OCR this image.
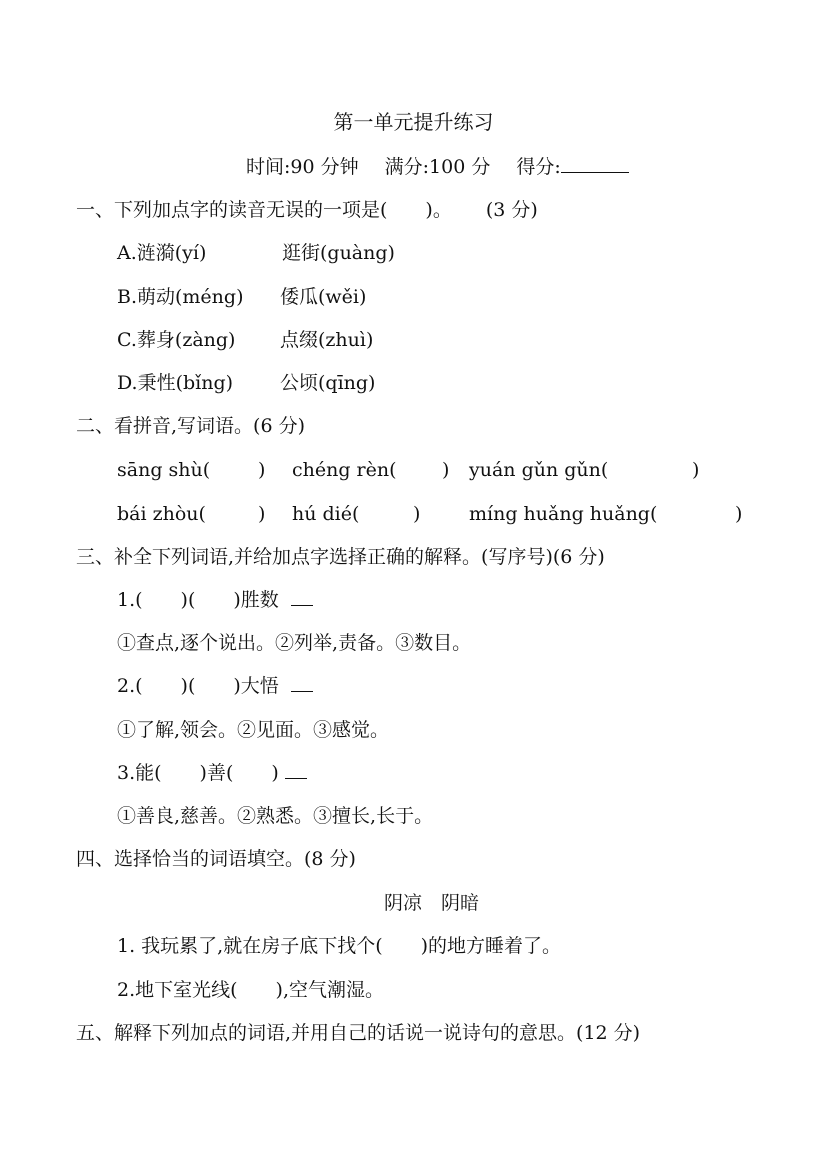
第一单元提升练习
时间:90 分钟 满分:100 分 得分:
一、下列加点字的读音无误的一项是(　　)。 (3 分)
A.涟漪(yí)	逛街(guàng)
B.萌动(méng) 倭瓜(wěi)
C.葬身(zàng) 点缀(zhuì)
D.秉性(bǐng) 公顷(qīng)
二、看拼音,写词语。(6 分)
sāng shù(	) chéng rèn( ) yuán gǔn gǔn(	)
bái zhòu(	) hú dié(	)	míng huǎng huǎng(	)
三、补全下列词语,并给加点字选择正确的解释。(写序号)(6 分)
1.(　　)(　　)胜数
①查点,逐个说出。②列举,责备。③数目。
2.(　　)(　　)大悟
①了解,领会。②见面。③感觉。
3.能(　　)善(　　)
①善良,慈善。②熟悉。③擅长,长于。
四、选择恰当的词语填空。(8 分)
阴凉　阴暗
1. 我玩累了,就在房子底下找个(　　)的地方睡着了。
2.地下室光线(　　),空气潮湿。
五、解释下列加点的词语,并用自己的话说一说诗句的意思。(12 分)
